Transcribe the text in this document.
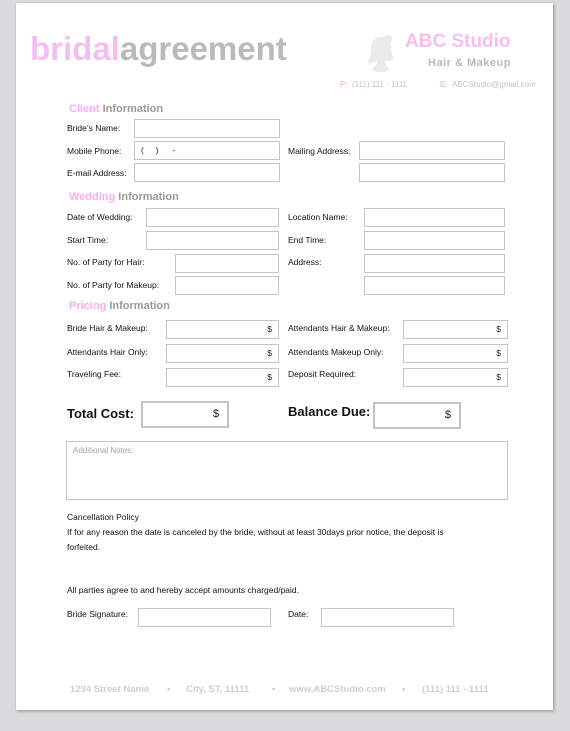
bridalagreement	ABC Studio
Hair & Makeup
P: (111) 111 - 1111	E: ABCStudio@gmail.com
Client Information
Bride’s Name:
Mobile Phone:	(     )      -	Mailing Address:
E-mail Address:
Wedding Information
Date of Wedding:	Location Name:
Start Time:	End Time:
No. of Party for Hair:	Address:
No. of Party for Makeup:
Pricing Information
Bride Hair & Makeup:	$	Attendants Hair & Makeup:	$
Attendants Hair Only:	$	Attendants Makeup Only:	$
Traveling Fee:	$	Deposit Required:	$
Total Cost:	$	Balance Due:	$
Additional Notes:
Cancellation Policy
If for any reason the date is canceled by the bride, without at least 30days prior notice, the deposit is forfeited.
All parties agree to and hereby accept amounts charged/paid.
Bride Signature:	Date:
1234 Street Name • City, ST, 11111 • www.ABCStudio.com • (111) 111 - 1111
